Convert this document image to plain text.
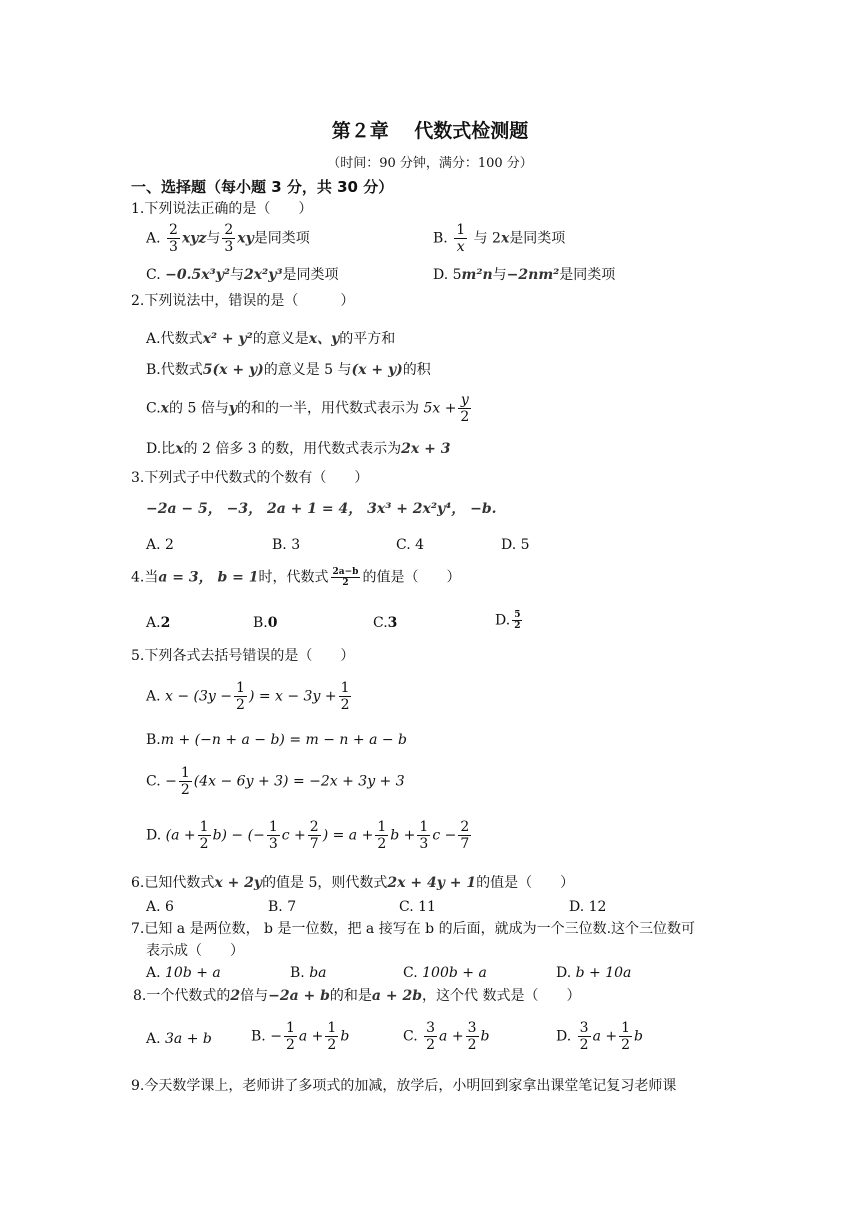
第２章　 代数式检测题
（时间：90 分钟，满分：100 分）
一、选择题（每小题 3 分，共 30 分）
1.下列说法正确的是（　　）
A. $\frac{2}{3}$ xyz与 $\frac{2}{3}$ xy是同类项	B. $\frac{1}{x}$ 与 2x是同类项
C. −0.5x³y²与2x²y³是同类项	D. 5m²n与−2nm²是同类项
2.下列说法中，错误的是（　　　）
A.代数式x² + y²的意义是x、y的平方和
B.代数式5(x + y)的意义是 5 与(x + y)的积
C.x的 5 倍与y的和的一半，用代数式表示为 $5x + \frac{y}{2}$
D.比x的 2 倍多 3 的数，用代数式表示为2x + 3
3.下列式子中代数式的个数有（　　）
−2a − 5， −3， 2a + 1 = 4， 3x³ + 2x²y⁴， −b.
A. 2	B. 3	C. 4	D. 5
4.当a = 3， b = 1时，代数式 $\frac{2a-b}{2}$ 的值是（　　）
A.2	B.0	C.3	D. $\frac{5}{2}$
5.下列各式去括号错误的是（　　）
A. $x - (3y - \frac{1}{2}$ ) = $x - 3y + \frac{1}{2}$
B.m + (−n + a − b) = m − n + a − b
C. − $\frac{1}{2} (4x - 6y + 3) = -2x + 3y + 3$
D. $(a + \frac{1}{2} b)$ − (− $\frac{1}{3}$ $c + \frac{2}{7}$ ) = $a + \frac{1}{2}$ $b + \frac{1}{3}$ $c - \frac{2}{7}$
6.已知代数式x + 2y的值是 5，则代数式2x + 4y + 1的值是（　　）
A. 6	B. 7	C. 11	D. 12
7.已知 a 是两位数， b 是一位数，把 a 接写在 b 的后面，就成为一个三位数.这个三位数可
表示成（　　）
A. 10b + a	B. ba	C. 100b + a	D. b + 10a
8.一个代数式的2倍与−2a + b的和是a + 2b，这个代 数式是（　　）
A. 3a + b	B. − $\frac{1}{2}$ $a + \frac{1}{2}$ b	C. $\frac{3}{2}$ $a + \frac{3}{2}$ b	D. $\frac{3}{2}$ $a + \frac{1}{2}$ b
9.今天数学课上，老师讲了多项式的加减，放学后，小明回到家拿出课堂笔记复习老师课
